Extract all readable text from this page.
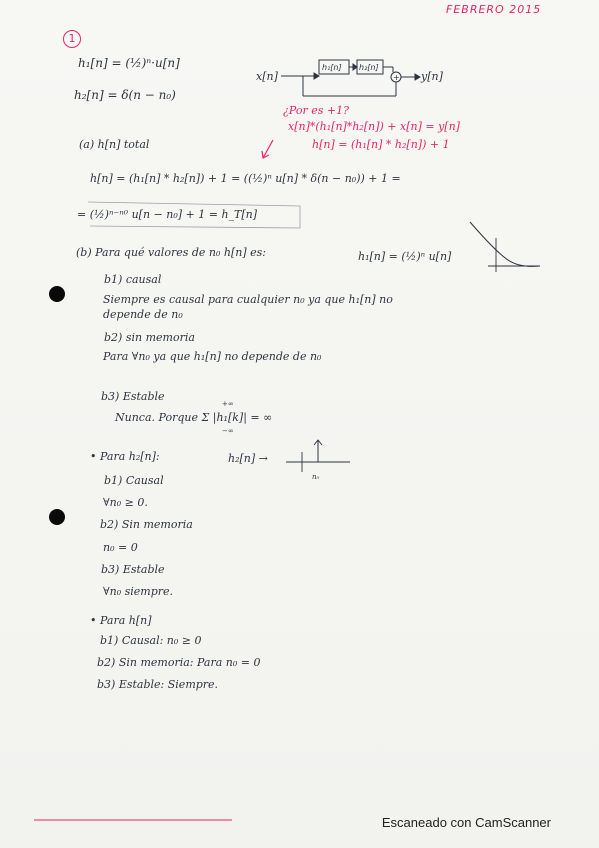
FEBRERO 2015
1
h₁[n] = (½)ⁿ·u[n]
h₂[n] = δ(n − n₀)
h₁[n] h₂[n]
+
x[n]	y[n]
¿Por es +1?
x[n]*(h₁[n]*h₂[n]) + x[n] = y[n]
h[n] = (h₁[n] * h₂[n]) + 1
(a) h[n] total
h[n] = (h₁[n] * h₂[n]) + 1 = ((½)ⁿ u[n] * δ(n − n₀)) + 1 =
= (½)ⁿ⁻ⁿ⁰ u[n − n₀] + 1 = h_T[n]
(b) Para qué valores de n₀ h[n] es:	h₁[n] = (½)ⁿ u[n]
b1) causal
Siempre es causal para cualquier n₀ ya que h₁[n] no
depende de n₀
b2) sin memoria
Para ∀n₀ ya que h₁[n] no depende de n₀
b3) Estable
Nunca. Porque Σ |h₁[k]| = ∞
+∞
−∞
• Para h₂[n]:	h₂[n] →
n₀
b1) Causal
∀n₀ ≥ 0.
b2) Sin memoria
n₀ = 0
b3) Estable
∀n₀ siempre.
• Para h[n]
b1) Causal: n₀ ≥ 0
b2) Sin memoria: Para n₀ = 0
b3) Estable: Siempre.
Escaneado con CamScanner
